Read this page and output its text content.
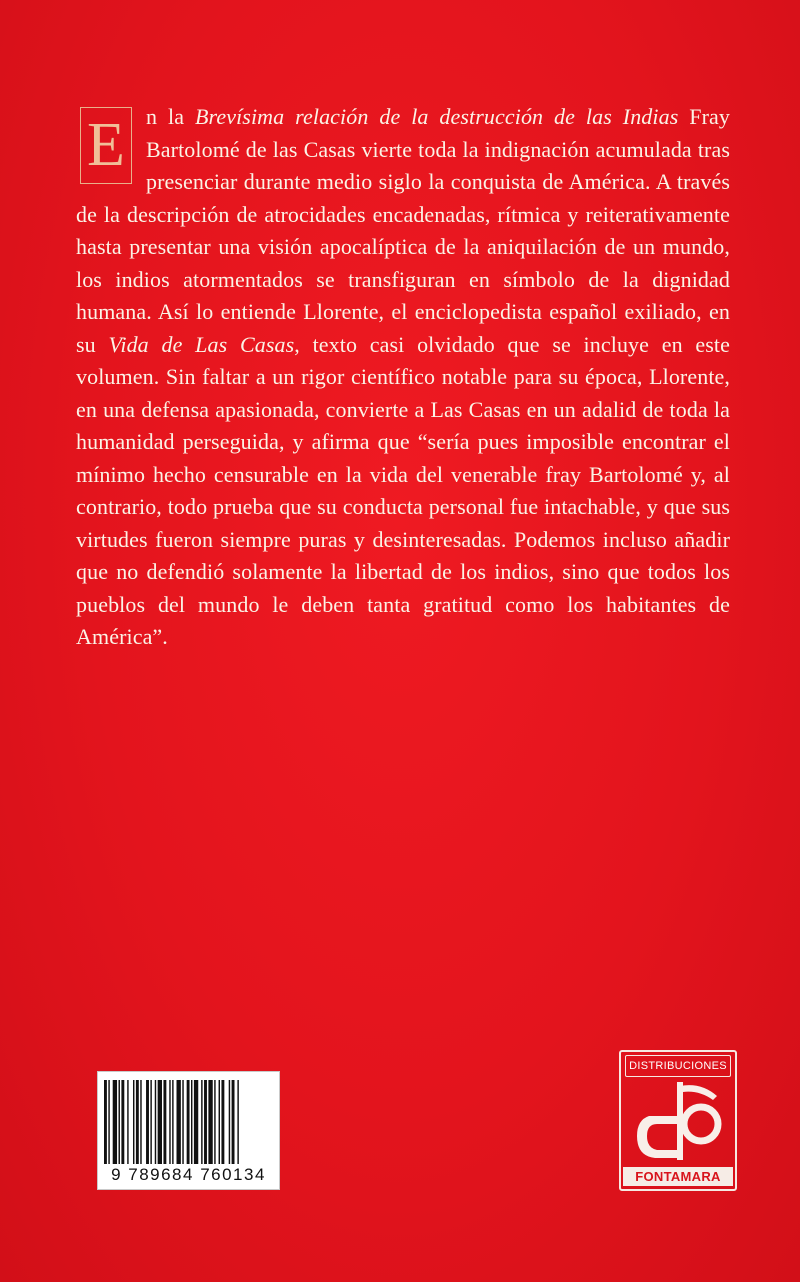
E n la Brevísima relación de la destrucción de las Indias Fray Bartolomé de las Casas vierte toda la indignación acumulada tras presenciar durante medio siglo la conquista de América. A través de la descripción de atrocidades encadenadas, rítmica y reiterativamente hasta presentar una visión apocalíptica de la aniquilación de un mundo, los indios atormentados se transfiguran en símbolo de la dignidad humana. Así lo entiende Llorente, el enciclopedista español exiliado, en su Vida de Las Casas, texto casi olvidado que se incluye en este volumen. Sin faltar a un rigor científico notable para su época, Llorente, en una defensa apasionada, convierte a Las Casas en un adalid de toda la humanidad perseguida, y afirma que “sería pues imposible encontrar el mínimo hecho censurable en la vida del venerable fray Bartolomé y, al contrario, todo prueba que su conducta personal fue intachable, y que sus virtudes fueron siempre puras y desinteresadas. Podemos incluso añadir que no defendió solamente la libertad de los indios, sino que todos los pueblos del mundo le deben tanta gratitud como los habitantes de América”.

9 789684 760134
DISTRIBUCIONES
FONTAMARA
